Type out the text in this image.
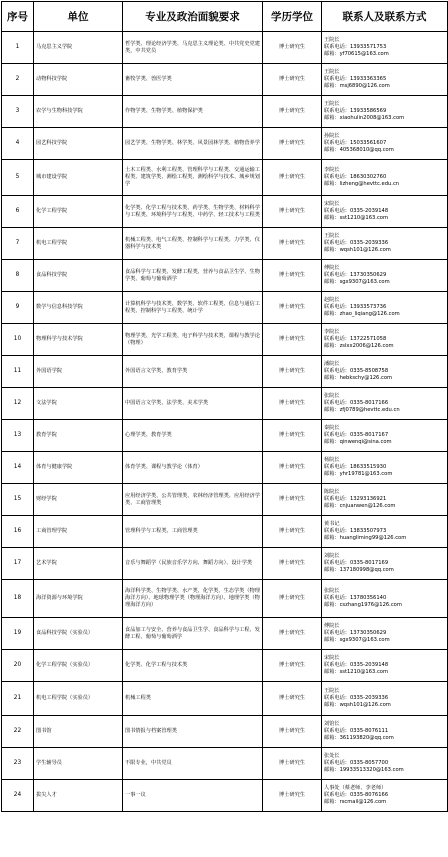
序号	单位	专业及政治面貌要求	学历学位	联系人及联系方式
1	马克思主义学院	哲学类、理论经济学类、马克思主义理论类、中共党史党建类，中共党员	博士研究生	王院长
联系电话：13933571753
邮箱：yf70615@163.com

2	动物科技学院	畜牧学类、兽医学类	博士研究生	王院长
联系电话：13933363365
邮箱：msj6890@126.com

3	农学与生物科技学院	作物学类、生物学类、植物保护类	博士研究生	王院长
联系电话：13933586569
邮箱：xiaohulin2008@163.com

4	园艺科技学院	园艺学类、生物学类、林学类、风景园林学类、植物营养学	博士研究生	孙院长
联系电话：15033561607
邮箱：405368010@qq.com

5	城市建设学院	土木工程类、水利工程类、管理科学与工程类、交通运输工程类、建筑学类、测绘工程类、测绘科学与技术、城乡规划学	博士研究生	李院长
联系电话：18630302760
邮箱：lizheng@hevttc.edu.cn

6	化学工程学院	化学类、化学工程与技术类、药学类、生物学类、材料科学与工程类、环境科学与工程类、中药学、轻工技术与工程类	博士研究生	宋院长
联系电话：0335-2039148
邮箱：sst1210@163.com

7	机电工程学院	机械工程类、电气工程类、控制科学与工程类、力学类、仪器科学与技术类	博士研究生	王院长
联系电话：0335-2039336
邮箱：wqsh101@126.com

8	食品科技学院	食品科学与工程类、发酵工程类、营养与食品卫生学、生物学类、葡萄与葡萄酒学	博士研究生	傅院长
联系电话：13730350629
邮箱：sgx9307@163.com

9	数学与信息科技学院	计算机科学与技术类、数学类、软件工程类、信息与通信工程类、控制科学与工程类、统计学	博士研究生	赵院长
联系电话：13933573736
邮箱：zhao_liqiang@126.com

10	物理科学与技术学院	物理学类、光学工程类、电子科学与技术类、课程与教学论（物理）	博士研究生	李院长
联系电话：13722571058
邮箱：zslxx2006@126.com

11	外国语学院	外国语言文学类、教育学类	博士研究生	潘院长
联系电话：0335-8508758
邮箱：hebkschy@126.com

12	文法学院	中国语言文学类、法学类、美术学类	博士研究生	张院长
联系电话：0335-8017166
邮箱：zfj0789@hevttc.edu.cn

13	教育学院	心理学类、教育学类	博士研究生	秦院长
联系电话：0335-8017167
邮箱：qinwenqi@sina.com

14	体育与健康学院	体育学类、课程与教学论（体育）	博士研究生	杨院长
联系电话：18633515930
邮箱：yhr19781@163.com

15	财经学院	应用经济学类、公共管理类、农林经济管理类、应用经济学类、工商管理类	博士研究生	陈院长
联系电话：13293136921
邮箱：cnjuanwen@126.com

16	工商管理学院	管理科学与工程类、工商管理类	博士研究生	黄书记
联系电话：13833507973
邮箱：huangliming99@126.com

17	艺术学院	音乐与舞蹈学（民族音乐学方向、舞蹈方向）、设计学类	博士研究生	刘院长
联系电话：0335-8017169
邮箱：137180998@qq.com

18	海洋资源与环境学院	海洋科学类、生物学类、水产类、化学类、生态学类（物理海洋方向）、地球物理学类（物理海洋方向）、地理学类（物理海洋方向）	博士研究生	张院长
联系电话：13780356140
邮箱：cszhang1976@126.com

19	食品科技学院（实验员）	食品加工与安全、营养与食品卫生学、食品科学与工程、发酵工程、葡萄与葡萄酒学	博士研究生	傅院长
联系电话：13730350629
邮箱：sgx9307@163.com

20	化学工程学院（实验员）	化学类、化学工程与技术类	博士研究生	宋院长
联系电话：0335-2039148
邮箱：sst1210@163.com

21	机电工程学院（实验员）	机械工程类	博士研究生	王院长
联系电话：0335-2039336
邮箱：wqsh101@126.com

22	图书馆	图书情报与档案管理类	博士研究生	刘馆长
联系电话：0335-8076111
邮箱：361193820@qq.com

23	学生辅导员	不限专业，中共党员	博士研究生	张处长
联系电话：0335-8057700
邮箱：19933513320@163.com

24	拔尖人才	一事一议	博士研究生	人事处（蔡老师、李老师）
联系电话：0335-8076166
邮箱：rscmail@126.com
